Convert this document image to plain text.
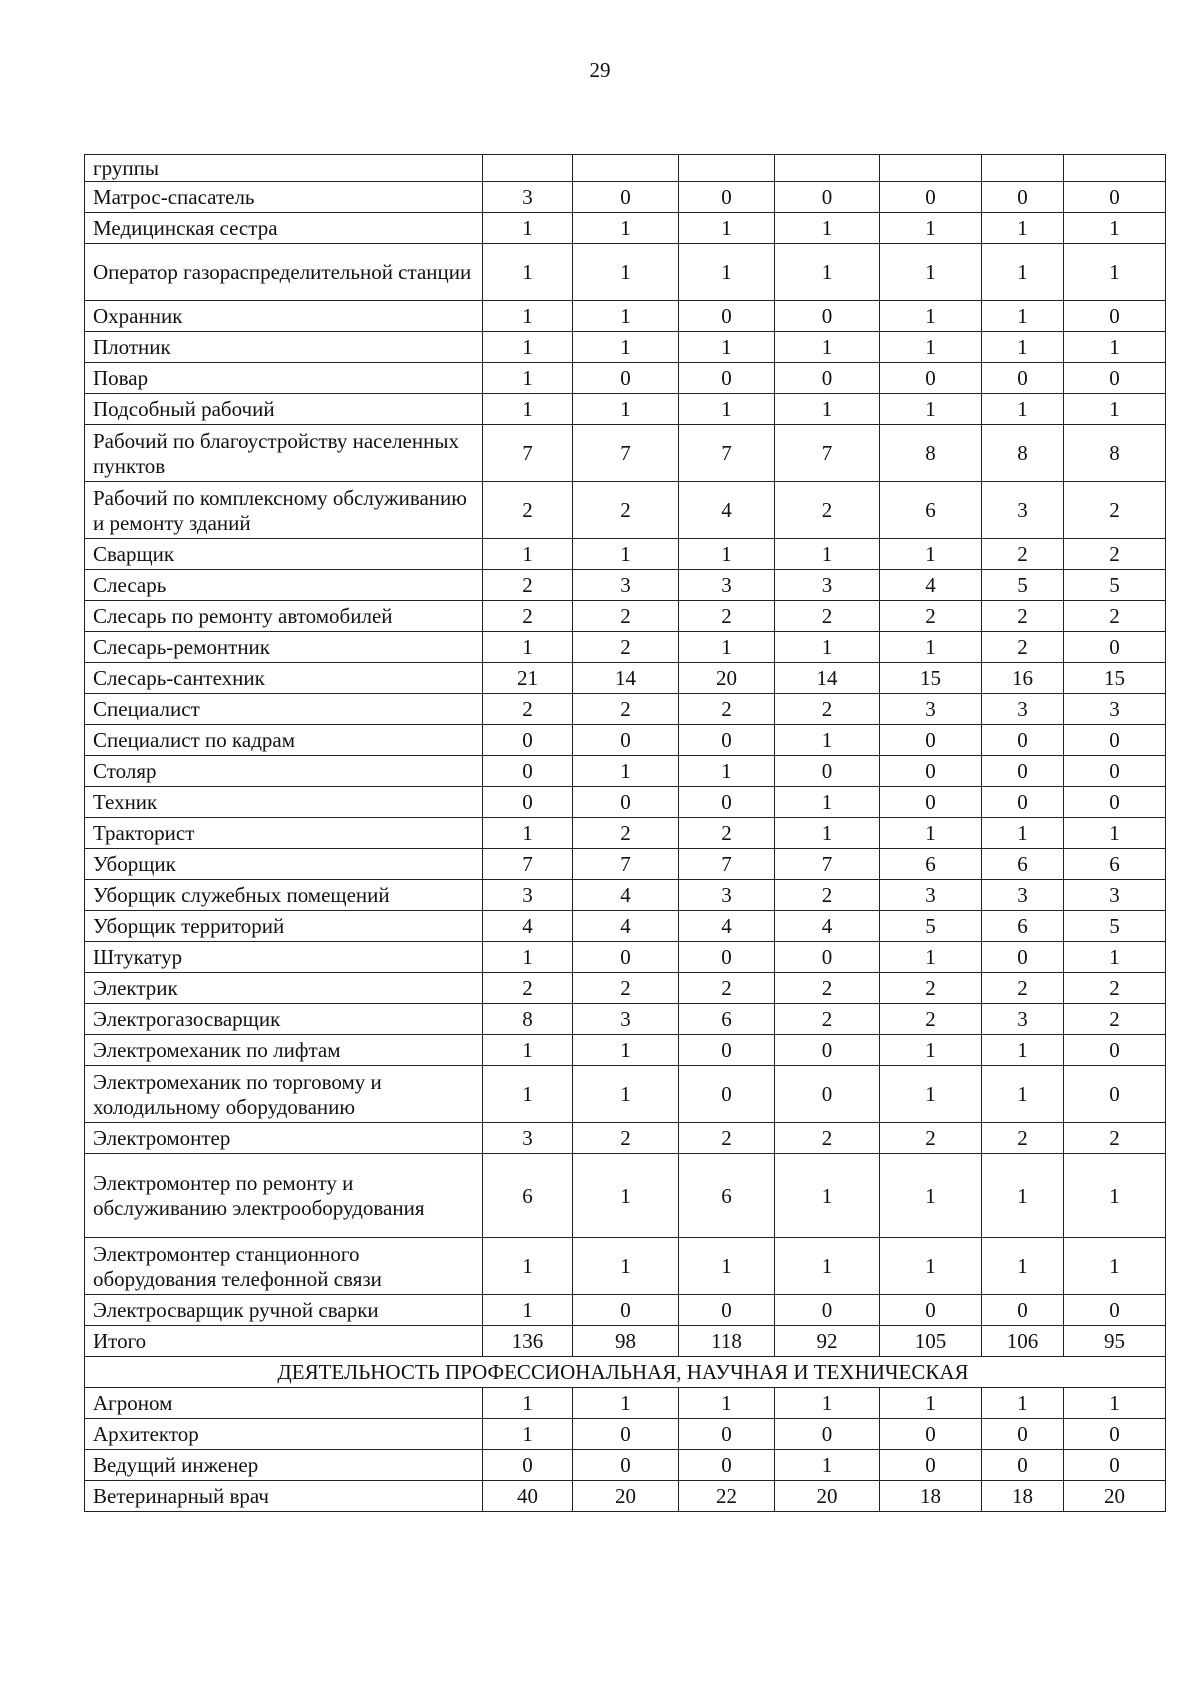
29
группы							
Матрос-спасатель	3	0	0	0	0	0	0
Медицинская сестра	1	1	1	1	1	1	1
Оператор газораспределительной станции	1	1	1	1	1	1	1
Охранник	1	1	0	0	1	1	0
Плотник	1	1	1	1	1	1	1
Повар	1	0	0	0	0	0	0
Подсобный рабочий	1	1	1	1	1	1	1
Рабочий по благоустройству населенных пунктов	7	7	7	7	8	8	8
Рабочий по комплексному обслуживанию и ремонту зданий	2	2	4	2	6	3	2
Сварщик	1	1	1	1	1	2	2
Слесарь	2	3	3	3	4	5	5
Слесарь по ремонту автомобилей	2	2	2	2	2	2	2
Слесарь-ремонтник	1	2	1	1	1	2	0
Слесарь-сантехник	21	14	20	14	15	16	15
Специалист	2	2	2	2	3	3	3
Специалист по кадрам	0	0	0	1	0	0	0
Столяр	0	1	1	0	0	0	0
Техник	0	0	0	1	0	0	0
Тракторист	1	2	2	1	1	1	1
Уборщик	7	7	7	7	6	6	6
Уборщик служебных помещений	3	4	3	2	3	3	3
Уборщик территорий	4	4	4	4	5	6	5
Штукатур	1	0	0	0	1	0	1
Электрик	2	2	2	2	2	2	2
Электрогазосварщик	8	3	6	2	2	3	2
Электромеханик по лифтам	1	1	0	0	1	1	0
Электромеханик по торговому и холодильному оборудованию	1	1	0	0	1	1	0
Электромонтер	3	2	2	2	2	2	2
Электромонтер по ремонту и обслуживанию электрооборудования	6	1	6	1	1	1	1
Электромонтер станционного оборудования телефонной связи	1	1	1	1	1	1	1
Электросварщик ручной сварки	1	0	0	0	0	0	0
Итого	136	98	118	92	105	106	95
ДЕЯТЕЛЬНОСТЬ ПРОФЕССИОНАЛЬНАЯ, НАУЧНАЯ И ТЕХНИЧЕСКАЯ							
Агроном	1	1	1	1	1	1	1
Архитектор	1	0	0	0	0	0	0
Ведущий инженер	0	0	0	1	0	0	0
Ветеринарный врач	40	20	22	20	18	18	20
